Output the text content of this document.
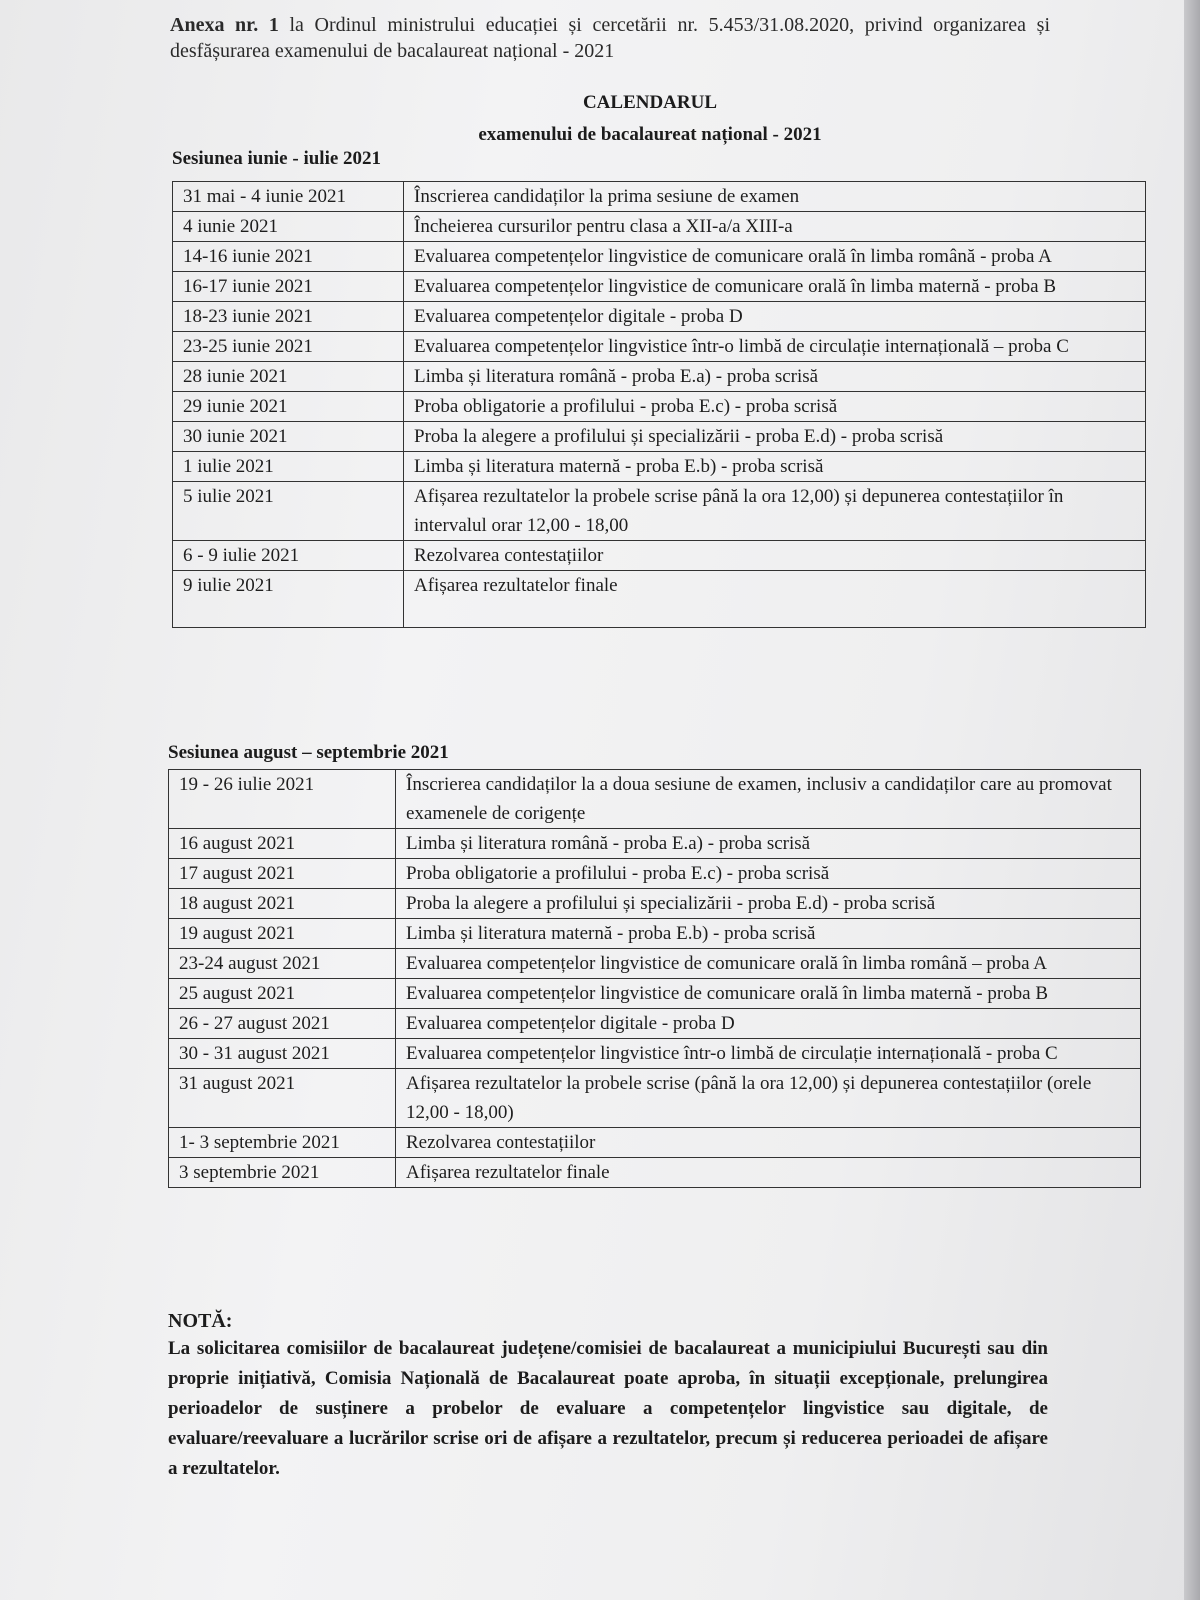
Anexa nr. 1 la Ordinul ministrului educației și cercetării nr. 5.453/31.08.2020, privind organizarea și desfășurarea examenului de bacalaureat național - 2021
CALENDARUL
examenului de bacalaureat național - 2021
Sesiunea iunie - iulie 2021
31 mai - 4 iunie 2021	Înscrierea candidaților la prima sesiune de examen
4 iunie 2021	Încheierea cursurilor pentru clasa a XII-a/a XIII-a
14-16 iunie 2021	Evaluarea competențelor lingvistice de comunicare orală în limba română - proba A
16-17 iunie 2021	Evaluarea competențelor lingvistice de comunicare orală în limba maternă - proba B
18-23 iunie 2021	Evaluarea competențelor digitale - proba D
23-25 iunie 2021	Evaluarea competențelor lingvistice într-o limbă de circulație internațională – proba C
28 iunie 2021	Limba și literatura română - proba E.a) - proba scrisă
29 iunie 2021	Proba obligatorie a profilului - proba E.c) - proba scrisă
30 iunie 2021	Proba la alegere a profilului și specializării - proba E.d) - proba scrisă
1 iulie 2021	Limba și literatura maternă - proba E.b) - proba scrisă
5 iulie 2021	Afișarea rezultatelor la probele scrise până la ora 12,00) și depunerea contestațiilor în intervalul orar 12,00 - 18,00
6 - 9 iulie 2021	Rezolvarea contestațiilor
9 iulie 2021	Afișarea rezultatelor finale
Sesiunea august – septembrie 2021
19 - 26 iulie 2021	Înscrierea candidaților la a doua sesiune de examen, inclusiv a candidaților care au promovat examenele de corigențe
16 august 2021	Limba și literatura română - proba E.a) - proba scrisă
17 august 2021	Proba obligatorie a profilului - proba E.c) - proba scrisă
18 august 2021	Proba la alegere a profilului și specializării - proba E.d) - proba scrisă
19 august 2021	Limba și literatura maternă - proba E.b) - proba scrisă
23-24 august 2021	Evaluarea competențelor lingvistice de comunicare orală în limba română – proba A
25 august 2021	Evaluarea competențelor lingvistice de comunicare orală în limba maternă - proba B
26 - 27 august 2021	Evaluarea competențelor digitale - proba D
30 - 31 august 2021	Evaluarea competențelor lingvistice într-o limbă de circulație internațională - proba C
31 august 2021	Afișarea rezultatelor la probele scrise (până la ora 12,00) și depunerea contestațiilor (orele 12,00 - 18,00)
1- 3 septembrie 2021	Rezolvarea contestațiilor
3 septembrie 2021	Afișarea rezultatelor finale
NOTĂ:
La solicitarea comisiilor de bacalaureat județene/comisiei de bacalaureat a municipiului București sau din proprie inițiativă, Comisia Națională de Bacalaureat poate aproba, în situații excepționale, prelungirea perioadelor de susținere a probelor de evaluare a competențelor lingvistice sau digitale, de evaluare/reevaluare a lucrărilor scrise ori de afișare a rezultatelor, precum și reducerea perioadei de afișare a rezultatelor.
